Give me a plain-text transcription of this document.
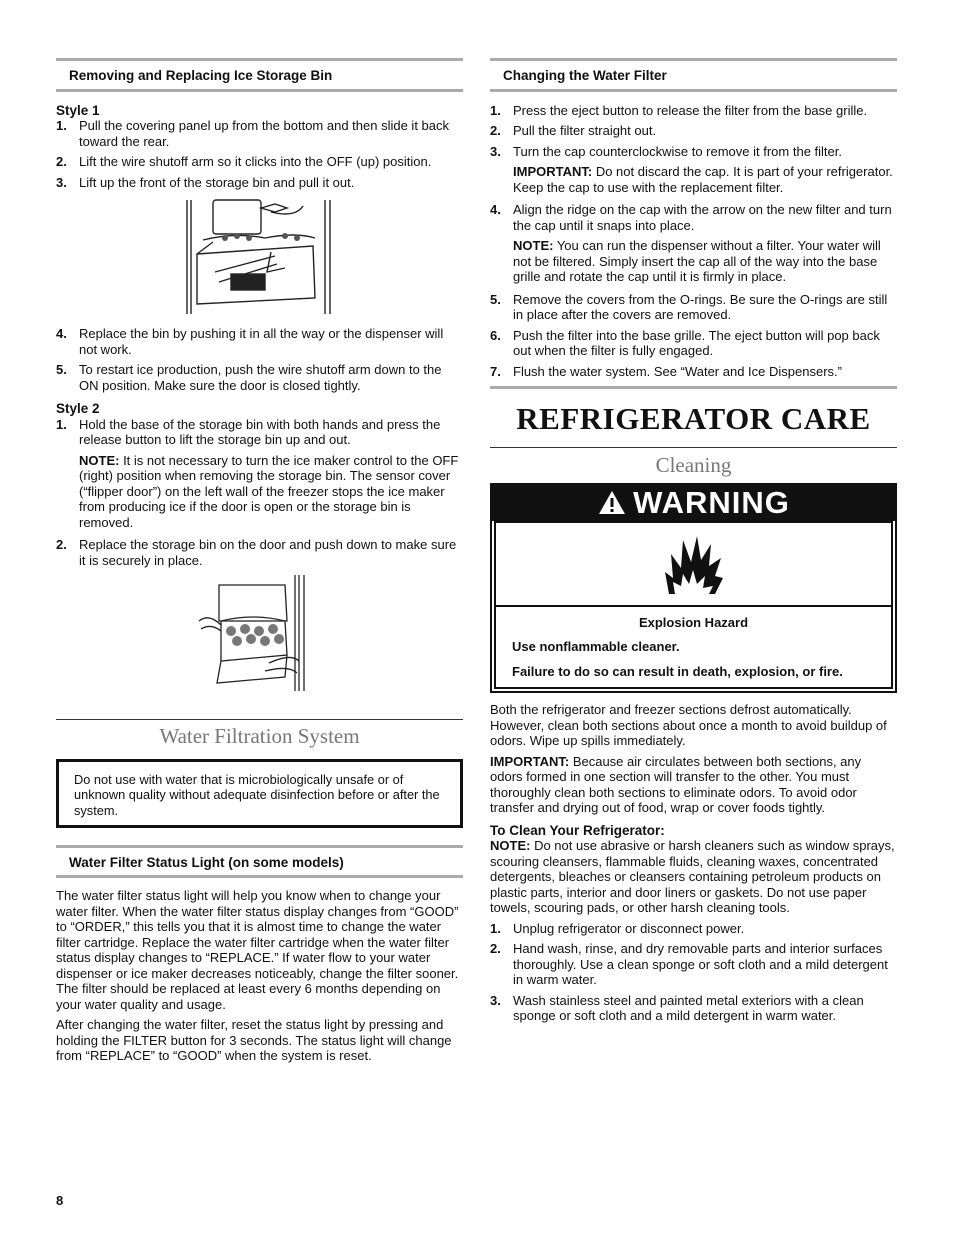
Removing and Replacing Ice Storage Bin
Style 1
1. Pull the covering panel up from the bottom and then slide it back toward the rear.
2. Lift the wire shutoff arm so it clicks into the OFF (up) position.
3. Lift up the front of the storage bin and pull it out.
4. Replace the bin by pushing it in all the way or the dispenser will not work.
5. To restart ice production, push the wire shutoff arm down to the ON position. Make sure the door is closed tightly.
Style 2
1. Hold the base of the storage bin with both hands and press the release button to lift the storage bin up and out.
NOTE: It is not necessary to turn the ice maker control to the OFF (right) position when removing the storage bin. The sensor cover (“flipper door”) on the left wall of the freezer stops the ice maker from producing ice if the door is open or the storage bin is removed.
2. Replace the storage bin on the door and push down to make sure it is securely in place.
Water Filtration System
Do not use with water that is microbiologically unsafe or of unknown quality without adequate disinfection before or after the system.
Water Filter Status Light (on some models)

The water filter status light will help you know when to change your water filter. When the water filter status display changes from “GOOD” to “ORDER,” this tells you that it is almost time to change the water filter cartridge. Replace the water filter cartridge when the water filter status display changes to “REPLACE.” If water flow to your water dispenser or ice maker decreases noticeably, change the filter sooner. The filter should be replaced at least every 6 months depending on your water quality and usage.

After changing the water filter, reset the status light by pressing and holding the FILTER button for 3 seconds. The status light will change from “REPLACE” to “GOOD” when the system is reset.

Changing the Water Filter
1. Press the eject button to release the filter from the base grille.
2. Pull the filter straight out.
3. Turn the cap counterclockwise to remove it from the filter.
IMPORTANT: Do not discard the cap. It is part of your refrigerator. Keep the cap to use with the replacement filter.
4. Align the ridge on the cap with the arrow on the new filter and turn the cap until it snaps into place.
NOTE: You can run the dispenser without a filter. Your water will not be filtered. Simply insert the cap all of the way into the base grille and rotate the cap until it is firmly in place.
5. Remove the covers from the O-rings. Be sure the O-rings are still in place after the covers are removed.
6. Push the filter into the base grille. The eject button will pop back out when the filter is fully engaged.
7. Flush the water system. See “Water and Ice Dispensers.”
REFRIGERATOR CARE
Cleaning
WARNING
Explosion Hazard
Use nonflammable cleaner.
Failure to do so can result in death, explosion, or fire.

Both the refrigerator and freezer sections defrost automatically. However, clean both sections about once a month to avoid buildup of odors. Wipe up spills immediately.

IMPORTANT: Because air circulates between both sections, any odors formed in one section will transfer to the other. You must thoroughly clean both sections to eliminate odors. To avoid odor transfer and drying out of food, wrap or cover foods tightly.

To Clean Your Refrigerator:

NOTE: Do not use abrasive or harsh cleaners such as window sprays, scouring cleansers, flammable fluids, cleaning waxes, concentrated detergents, bleaches or cleansers containing petroleum products on plastic parts, interior and door liners or gaskets. Do not use paper towels, scouring pads, or other harsh cleaning tools.

1. Unplug refrigerator or disconnect power.
2. Hand wash, rinse, and dry removable parts and interior surfaces thoroughly. Use a clean sponge or soft cloth and a mild detergent in warm water.
3. Wash stainless steel and painted metal exteriors with a clean sponge or soft cloth and a mild detergent in warm water.
8
